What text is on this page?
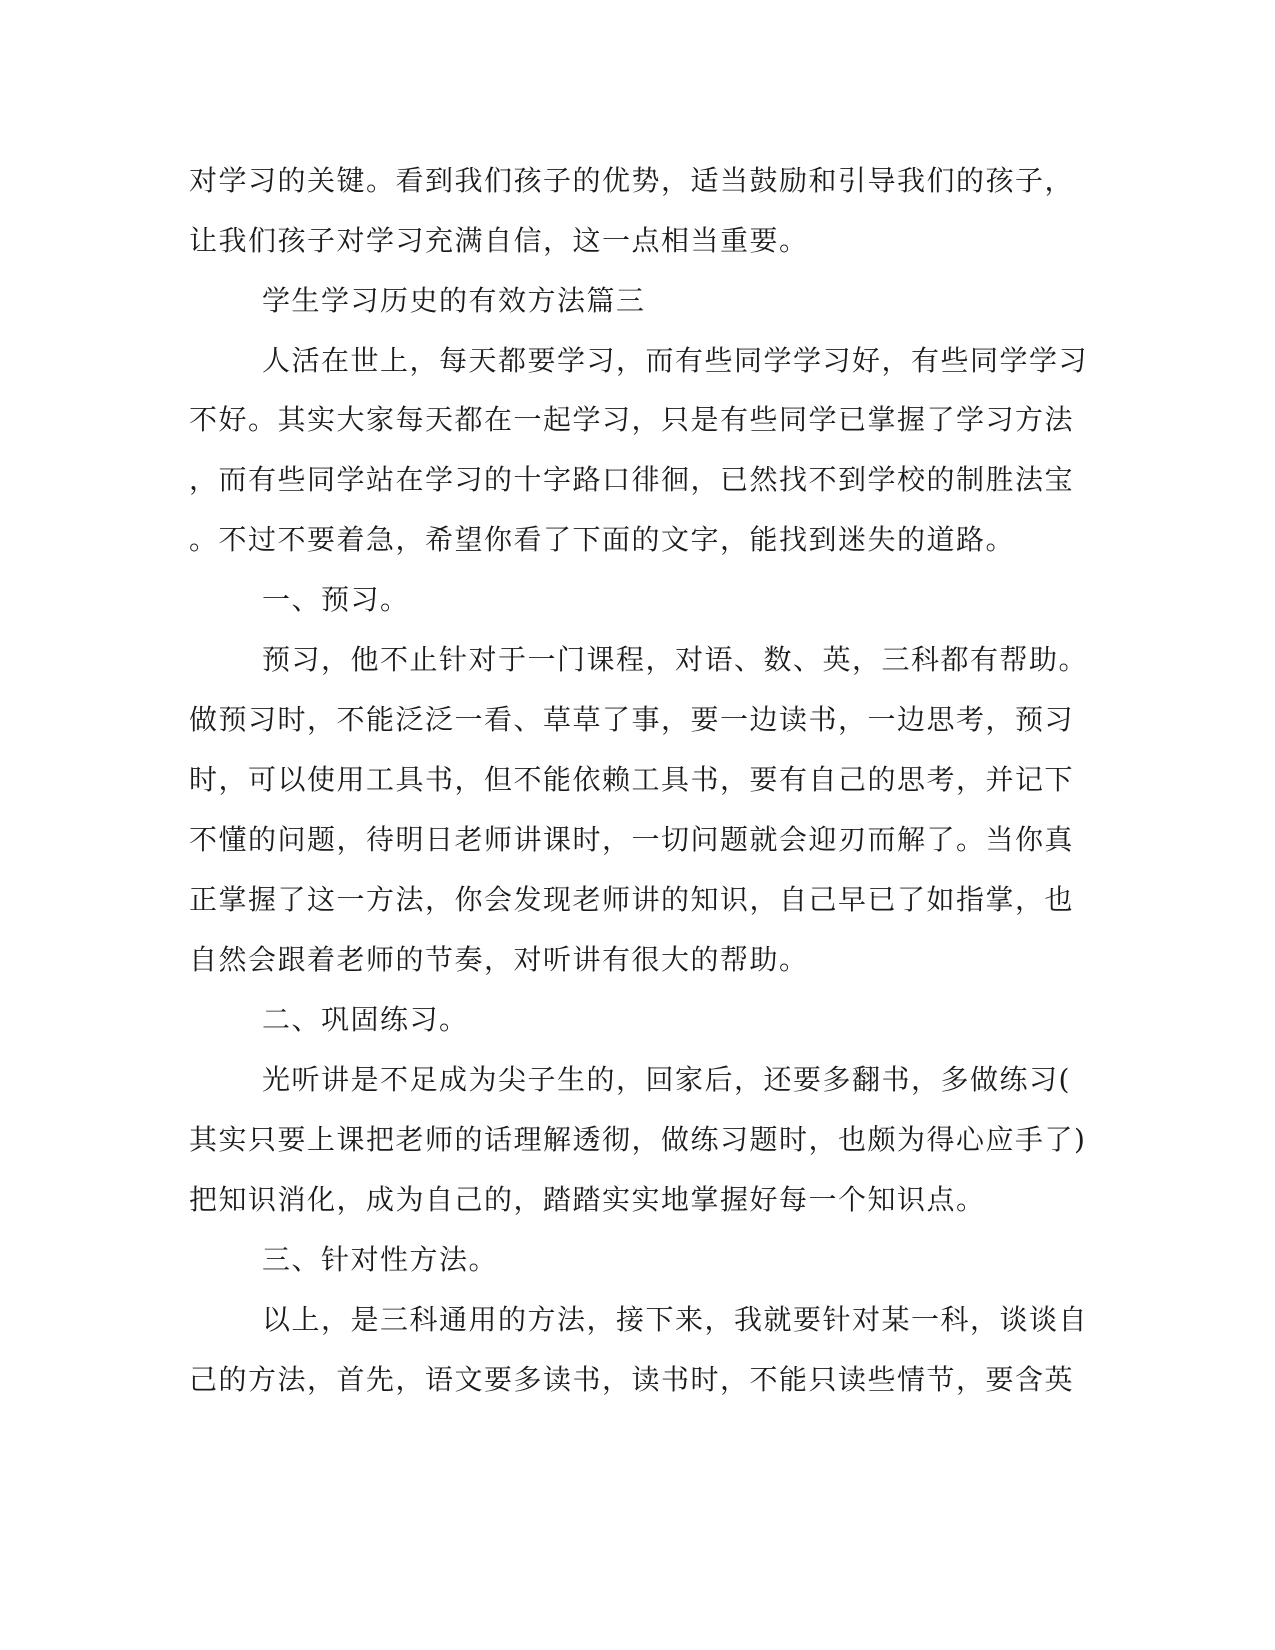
对学习的关键。看到我们孩子的优势，适当鼓励和引导我们的孩子，
让我们孩子对学习充满自信，这一点相当重要。
学生学习历史的有效方法篇三
人活在世上，每天都要学习，而有些同学学习好，有些同学学习
不好。其实大家每天都在一起学习，只是有些同学已掌握了学习方法
，而有些同学站在学习的十字路口徘徊，已然找不到学校的制胜法宝
。不过不要着急，希望你看了下面的文字，能找到迷失的道路。
一、预习。
预习，他不止针对于一门课程，对语、数、英，三科都有帮助。
做预习时，不能泛泛一看、草草了事，要一边读书，一边思考，预习
时，可以使用工具书，但不能依赖工具书，要有自己的思考，并记下
不懂的问题，待明日老师讲课时，一切问题就会迎刃而解了。当你真
正掌握了这一方法，你会发现老师讲的知识，自己早已了如指掌，也
自然会跟着老师的节奏，对听讲有很大的帮助。
二、巩固练习。
光听讲是不足成为尖子生的，回家后，还要多翻书，多做练习(
其实只要上课把老师的话理解透彻，做练习题时，也颇为得心应手了)
把知识消化，成为自己的，踏踏实实地掌握好每一个知识点。
三、针对性方法。
以上，是三科通用的方法，接下来，我就要针对某一科，谈谈自
己的方法，首先，语文要多读书，读书时，不能只读些情节，要含英
